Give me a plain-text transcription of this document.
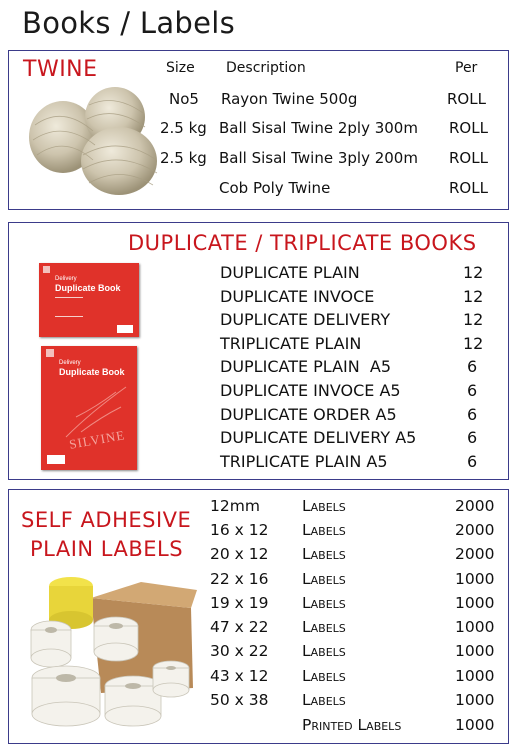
Books / Labels
TWINE	Size Description	Per
No5 Rayon Twine 500g	ROLL
2.5 kg Ball Sisal Twine 2ply 300m ROLL
2.5 kg Ball Sisal Twine 3ply 200m ROLL
Cob Poly Twine	ROLL
DUPLICATE / TRIPLICATE BOOKS
Delivery
Duplicate Book
Delivery
Duplicate Book
SILVINE
DUPLICATE PLAIN	12
DUPLICATE INVOCE	12
DUPLICATE DELIVERY	12
TRIPLICATE PLAIN	12
DUPLICATE PLAIN  A5	6
DUPLICATE INVOCE A5	6
DUPLICATE ORDER A5	6
DUPLICATE DELIVERY A5	6
TRIPLICATE PLAIN A5	6
SELF ADHESIVE
PLAIN LABELS
12mm	Labels	2000
16 x 12 Labels	2000
20 x 12 Labels	2000
22 x 16 Labels	1000
19 x 19 Labels	1000
47 x 22 Labels	1000
30 x 22 Labels	1000
43 x 12 Labels	1000
50 x 38 Labels	1000
Printed Labels	1000
